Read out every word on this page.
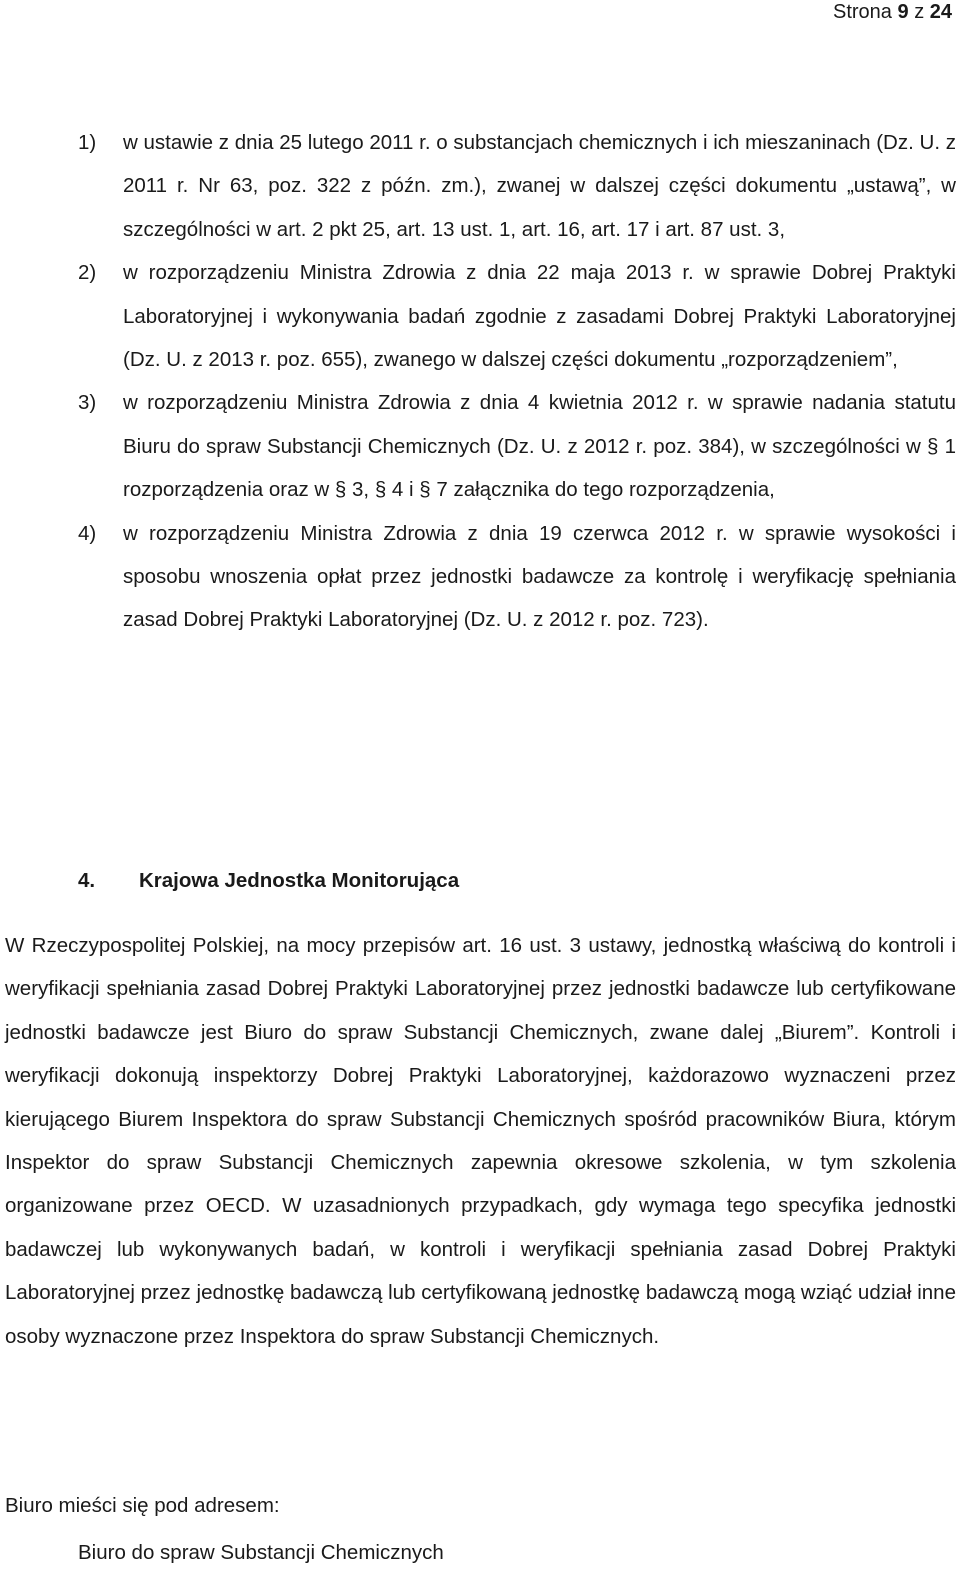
Strona 9 z 24
1)	w ustawie z dnia 25 lutego 2011 r. o substancjach chemicznych i ich mieszaninach (Dz. U. z 2011 r. Nr 63, poz. 322 z późn. zm.), zwanej w dalszej części dokumentu „ustawą”, w szczególności w art. 2 pkt 25, art. 13 ust. 1, art. 16, art. 17 i art. 87 ust. 3,
2)	w rozporządzeniu Ministra Zdrowia z dnia 22 maja 2013 r. w sprawie Dobrej Praktyki Laboratoryjnej i wykonywania badań zgodnie z zasadami Dobrej Praktyki Laboratoryjnej (Dz. U. z 2013 r. poz. 655), zwanego w dalszej części dokumentu „rozporządzeniem”,
3)	w rozporządzeniu Ministra Zdrowia z dnia 4 kwietnia 2012 r. w sprawie nadania statutu Biuru do spraw Substancji Chemicznych (Dz. U. z 2012 r. poz. 384), w szczególności w § 1 rozporządzenia oraz w § 3, § 4 i § 7 załącznika do tego rozporządzenia,
4)	w rozporządzeniu Ministra Zdrowia z dnia 19 czerwca 2012 r. w sprawie wysokości i sposobu wnoszenia opłat przez jednostki badawcze za kontrolę i weryfikację spełniania zasad Dobrej Praktyki Laboratoryjnej (Dz. U. z 2012 r. poz. 723).
4.	Krajowa Jednostka Monitorująca
W Rzeczypospolitej Polskiej, na mocy przepisów art. 16 ust. 3 ustawy, jednostką właściwą do kontroli i weryfikacji spełniania zasad Dobrej Praktyki Laboratoryjnej przez jednostki badawcze lub certyfikowane jednostki badawcze jest Biuro do spraw Substancji Chemicznych, zwane dalej „Biurem”. Kontroli i weryfikacji dokonują inspektorzy Dobrej Praktyki Laboratoryjnej, każdorazowo wyznaczeni przez kierującego Biurem Inspektora do spraw Substancji Chemicznych spośród pracowników Biura, którym Inspektor do spraw Substancji Chemicznych zapewnia okresowe szkolenia, w tym szkolenia organizowane przez OECD. W uzasadnionych przypadkach, gdy wymaga tego specyfika jednostki badawczej lub wykonywanych badań, w kontroli i weryfikacji spełniania zasad Dobrej Praktyki Laboratoryjnej przez jednostkę badawczą lub certyfikowaną jednostkę badawczą mogą wziąć udział inne osoby wyznaczone przez Inspektora do spraw Substancji Chemicznych.
Biuro mieści się pod adresem:
Biuro do spraw Substancji Chemicznych
